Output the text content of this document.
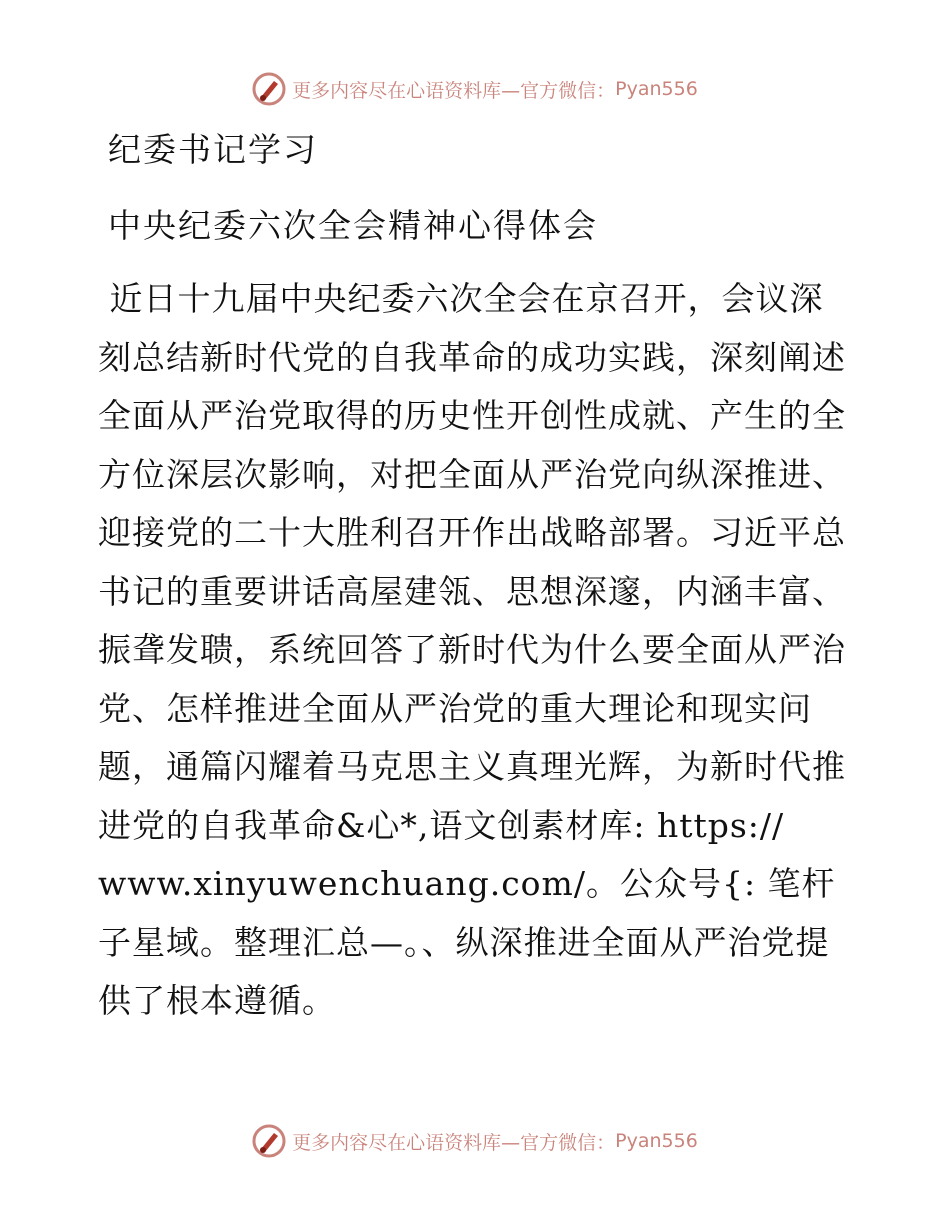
更多内容尽在心语资料库—官方微信： Pyan556
纪委书记学习
中央纪委六次全会精神心得体会
近日十九届中央纪委六次全会在京召开，会议深刻总结新时代党的自我革命的成功实践，深刻阐述全面从严治党取得的历史性开创性成就、产生的全方位深层次影响，对把全面从严治党向纵深推进、迎接党的二十大胜利召开作出战略部署。习近平总书记的重要讲话高屋建瓴、思想深邃，内涵丰富、振聋发聩，系统回答了新时代为什么要全面从严治党、怎样推进全面从严治党的重大理论和现实问题，通篇闪耀着马克思主义真理光辉，为新时代推进党的自我革命&心*,语文创素材库: https://
www.xinyuwenchuang.com/。公众号{: 笔杆子星域。整理汇总—。、纵深推进全面从严治党提供了根本遵循。
更多内容尽在心语资料库—官方微信： Pyan556
